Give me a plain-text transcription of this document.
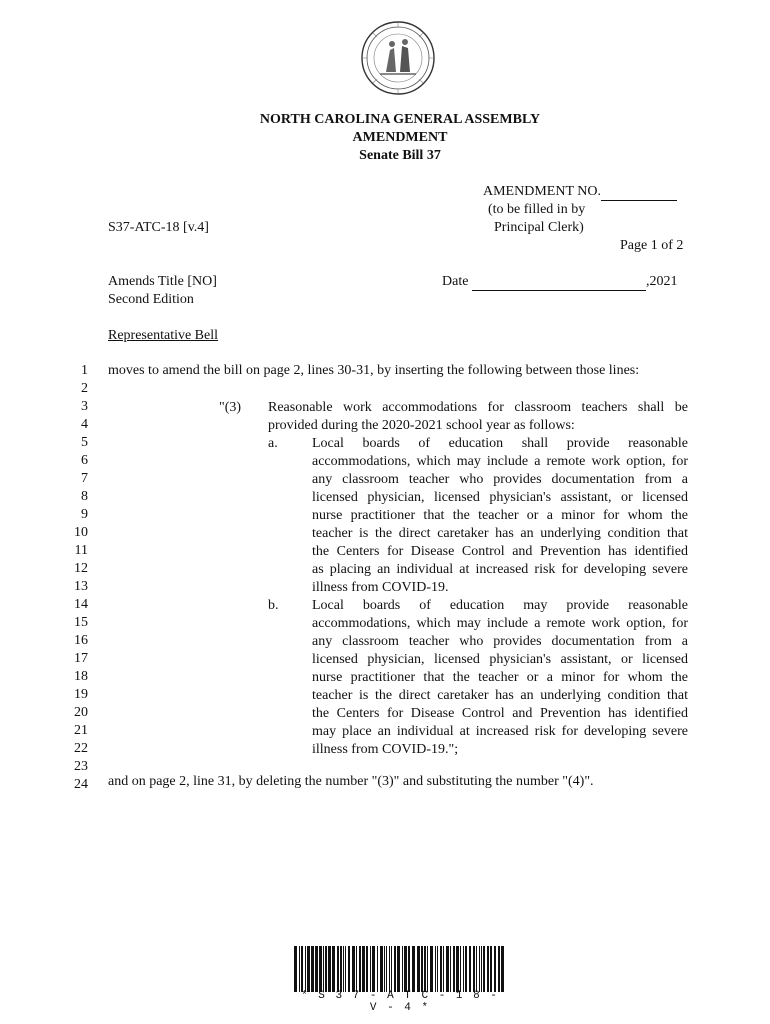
NORTH CAROLINA GENERAL ASSEMBLY
AMENDMENT
Senate Bill 37
AMENDMENT NO.
(to be filled in by
Principal Clerk)
S37-ATC-18 [v.4]
Page 1 of 2
Amends Title [NO]
Second Edition
Date	,2021
Representative Bell
1
2
3
4
5
6
7
8
9
10
11
12
13
14
15
16
17
18
19
20
21
22
23
24
moves to amend the bill on page 2, lines 30-31, by inserting the following between those lines:
"(3) Reasonable work accommodations for classroom teachers shall be
provided during the 2020-2021 school year as follows:
a. Local boards of education shall provide reasonable
accommodations, which may include a remote work option, for
any classroom teacher who provides documentation from a
licensed physician, licensed physician's assistant, or licensed
nurse practitioner that the teacher or a minor for whom the
teacher is the direct caretaker has an underlying condition that
the Centers for Disease Control and Prevention has identified
as placing an individual at increased risk for developing severe
illness from COVID-19.
b. Local boards of education may provide reasonable
accommodations, which may include a remote work option, for
any classroom teacher who provides documentation from a
licensed physician, licensed physician's assistant, or licensed
nurse practitioner that the teacher or a minor for whom the
teacher is the direct caretaker has an underlying condition that
the Centers for Disease Control and Prevention has identified
may place an individual at increased risk for developing severe
illness from COVID-19.";
and on page 2, line 31, by deleting the number "(3)" and substituting the number "(4)".
* S 3 7 - A T C - 1 8 - V - 4 *
